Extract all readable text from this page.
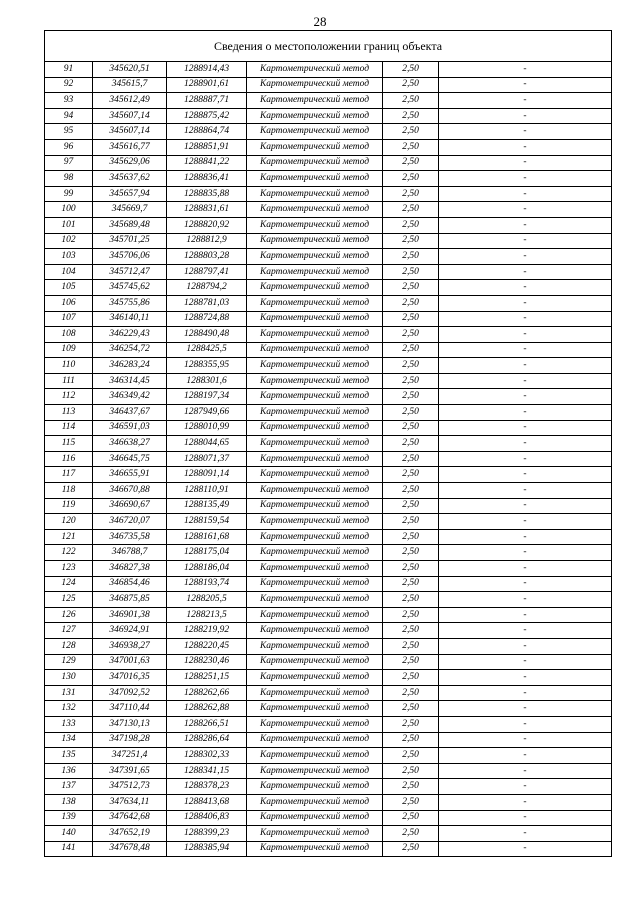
28
Сведения о местоположении границ объекта					
91	345620,51	1288914,43	Картометрический метод	2,50	-
92	345615,7	1288901,61	Картометрический метод	2,50	-
93	345612,49	1288887,71	Картометрический метод	2,50	-
94	345607,14	1288875,42	Картометрический метод	2,50	-
95	345607,14	1288864,74	Картометрический метод	2,50	-
96	345616,77	1288851,91	Картометрический метод	2,50	-
97	345629,06	1288841,22	Картометрический метод	2,50	-
98	345637,62	1288836,41	Картометрический метод	2,50	-
99	345657,94	1288835,88	Картометрический метод	2,50	-
100	345669,7	1288831,61	Картометрический метод	2,50	-
101	345689,48	1288820,92	Картометрический метод	2,50	-
102	345701,25	1288812,9	Картометрический метод	2,50	-
103	345706,06	1288803,28	Картометрический метод	2,50	-
104	345712,47	1288797,41	Картометрический метод	2,50	-
105	345745,62	1288794,2	Картометрический метод	2,50	-
106	345755,86	1288781,03	Картометрический метод	2,50	-
107	346140,11	1288724,88	Картометрический метод	2,50	-
108	346229,43	1288490,48	Картометрический метод	2,50	-
109	346254,72	1288425,5	Картометрический метод	2,50	-
110	346283,24	1288355,95	Картометрический метод	2,50	-
111	346314,45	1288301,6	Картометрический метод	2,50	-
112	346349,42	1288197,34	Картометрический метод	2,50	-
113	346437,67	1287949,66	Картометрический метод	2,50	-
114	346591,03	1288010,99	Картометрический метод	2,50	-
115	346638,27	1288044,65	Картометрический метод	2,50	-
116	346645,75	1288071,37	Картометрический метод	2,50	-
117	346655,91	1288091,14	Картометрический метод	2,50	-
118	346670,88	1288110,91	Картометрический метод	2,50	-
119	346690,67	1288135,49	Картометрический метод	2,50	-
120	346720,07	1288159,54	Картометрический метод	2,50	-
121	346735,58	1288161,68	Картометрический метод	2,50	-
122	346788,7	1288175,04	Картометрический метод	2,50	-
123	346827,38	1288186,04	Картометрический метод	2,50	-
124	346854,46	1288193,74	Картометрический метод	2,50	-
125	346875,85	1288205,5	Картометрический метод	2,50	-
126	346901,38	1288213,5	Картометрический метод	2,50	-
127	346924,91	1288219,92	Картометрический метод	2,50	-
128	346938,27	1288220,45	Картометрический метод	2,50	-
129	347001,63	1288230,46	Картометрический метод	2,50	-
130	347016,35	1288251,15	Картометрический метод	2,50	-
131	347092,52	1288262,66	Картометрический метод	2,50	-
132	347110,44	1288262,88	Картометрический метод	2,50	-
133	347130,13	1288266,51	Картометрический метод	2,50	-
134	347198,28	1288286,64	Картометрический метод	2,50	-
135	347251,4	1288302,33	Картометрический метод	2,50	-
136	347391,65	1288341,15	Картометрический метод	2,50	-
137	347512,73	1288378,23	Картометрический метод	2,50	-
138	347634,11	1288413,68	Картометрический метод	2,50	-
139	347642,68	1288406,83	Картометрический метод	2,50	-
140	347652,19	1288399,23	Картометрический метод	2,50	-
141	347678,48	1288385,94	Картометрический метод	2,50	-
